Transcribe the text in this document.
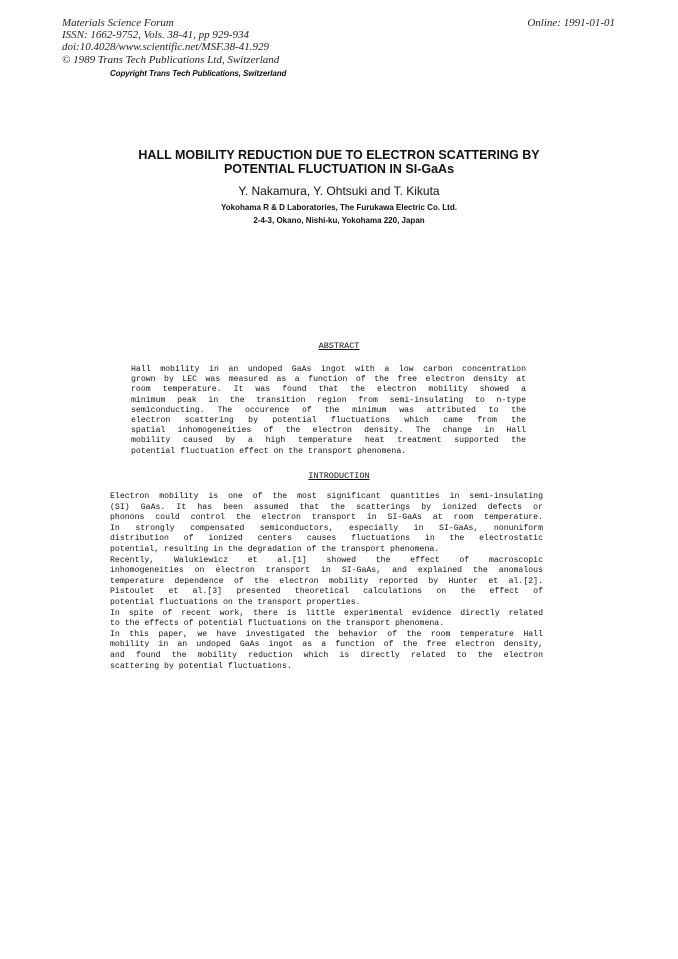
Materials Science Forum
ISSN: 1662-9752, Vols. 38-41, pp 929-934
doi:10.4028/www.scientific.net/MSF.38-41.929
© 1989 Trans Tech Publications Ltd, Switzerland
Online: 1991-01-01
Copyright Trans Tech Publications, Switzerland
HALL MOBILITY REDUCTION DUE TO ELECTRON SCATTERING BY
POTENTIAL FLUCTUATION IN SI-GaAs
Y. Nakamura, Y. Ohtsuki and T. Kikuta
Yokohama R & D Laboratories, The Furukawa Electric Co. Ltd.
2-4-3, Okano, Nishi-ku, Yokohama 220, Japan
ABSTRACT
Hall mobility in an undoped GaAs ingot with a low carbon concentration
grown by LEC was measured as a function of the free electron density at
room temperature. It was found that the electron mobility showed a
minimum peak in the transition region from semi-insulating to n-type
semiconducting. The occurence of the minimum was attributed to the
electron scattering by potential fluctuations which came from the
spatial inhomogeneities of the electron density. The change in Hall
mobility caused by a high temperature heat treatment supported the
potential fluctuation effect on the transport phenomena.
INTRODUCTION
Electron mobility is one of the most significant quantities in semi-insulating
(SI) GaAs. It has been assumed that the scatterings by ionized defects or
phonons could control the electron transport in SI-GaAs at room temperature.
In strongly compensated semiconductors, especially in SI-GaAs, nonuniform
distribution of ionized centers causes fluctuations in the electrostatic
potential, resulting in the degradation of the transport phenomena.
Recently, Walukiewicz et al.[1] showed the effect of macroscopic
inhomogeneities on electron transport in SI-GaAs, and explained the anomalous
temperature dependence of the electron mobility reported by Hunter et al.[2].
Pistoulet et al.[3] presented theoretical calculations on the effect of
potential fluctuations on the transport properties.
In spite of recent work, there is little experimental evidence directly related
to the effects of potential fluctuations on the transport phenomena.
In this paper, we have investigated the behavior of the room temperature Hall
mobility in an undoped GaAs ingot as a function of the free electron density,
and found the mobility reduction which is directly related to the electron
scattering by potential fluctuations.
